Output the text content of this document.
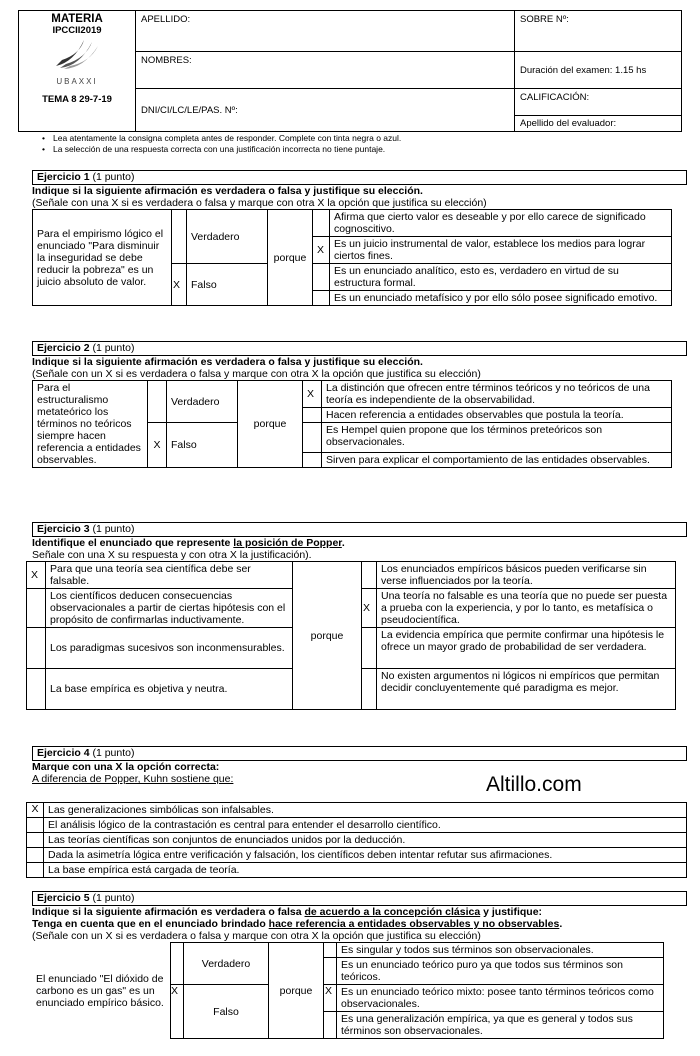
MATERIA
IPCCII2019
UBAXXI
TEMA 8 29-7-19	APELLIDO:	SOBRE Nº:
	NOMBRES:	Duración del examen: 1.15 hs
	DNI/CI/LC/LE/PAS. Nº:	CALIFICACIÓN:
Apellido del evaluador:
• Lea atentamente la consigna completa antes de responder. Complete con tinta negra o azul.
• La selección de una respuesta correcta con una justificación incorrecta no tiene puntaje.
Ejercicio 1 (1 punto)
Indique si la siguiente afirmación es verdadera o falsa y justifique su elección.
(Señale con una X si es verdadera o falsa y marque con otra X la opción que justifica su elección)
Para el empirismo lógico el enunciado "Para disminuir la inseguridad se debe reducir la pobreza" es un juicio absoluto de valor.		Verdadero	porque		Afirma que cierto valor es deseable y por ello carece de significado cognoscitivo.
				X	Es un juicio instrumental de valor, establece los medios para lograr ciertos fines.
	X	Falso			Es un enunciado analítico, esto es, verdadero en virtud de su estructura formal.
					Es un enunciado metafísico y por ello sólo posee significado emotivo.
Ejercicio 2 (1 punto)
Indique si la siguiente afirmación es verdadera o falsa y justifique su elección.
(Señale con un X si es verdadera o falsa y marque con otra X la opción que justifica su elección)
Para el estructuralismo metateórico los términos no teóricos siempre hacen referencia a entidades observables.		Verdadero	porque	X	La distinción que ofrecen entre términos teóricos y no teóricos de una teoría es independiente de la observabilidad.
					Hacen referencia a entidades observables que postula la teoría.
	X	Falso			Es Hempel quien propone que los términos preteóricos son observacionales.
					Sirven para explicar el comportamiento de las entidades observables.
Ejercicio 3 (1 punto)
Identifique el enunciado que represente la posición de Popper.
Señale con una X su respuesta y con otra X la justificación).
X	Para que una teoría sea científica debe ser falsable.	porque		Los enunciados empíricos básicos pueden verificarse sin verse influenciados por la teoría.
	Los científicos deducen consecuencias observacionales a partir de ciertas hipótesis con el propósito de confirmarlas inductivamente.		X	Una teoría no falsable es una teoría que no puede ser puesta a prueba con la experiencia, y por lo tanto, es metafísica o pseudocientífica.
	Los paradigmas sucesivos son inconmensurables.			La evidencia empírica que permite confirmar una hipótesis le ofrece un mayor grado de probabilidad de ser verdadera.
	La base empírica es objetiva y neutra.			No existen argumentos ni lógicos ni empíricos que permitan decidir concluyentemente qué paradigma es mejor.
Ejercicio 4 (1 punto)
Marque con una X la opción correcta:
A diferencia de Popper, Kuhn sostiene que:	Altillo.com
X	Las generalizaciones simbólicas son infalsables.
	El análisis lógico de la contrastación es central para entender el desarrollo científico.
	Las teorías científicas son conjuntos de enunciados unidos por la deducción.
	Dada la asimetría lógica entre verificación y falsación, los científicos deben intentar refutar sus afirmaciones.
	La base empírica está cargada de teoría.
Ejercicio 5 (1 punto)
Indique si la siguiente afirmación es verdadera o falsa de acuerdo a la concepción clásica y justifique:
Tenga en cuenta que en el enunciado brindado hace referencia a entidades observables y no observables.
(Señale con un X si es verdadera o falsa y marque con otra X la opción que justifica su elección)
El enunciado "El dióxido de carbono es un gas" es un enunciado empírico básico.		Verdadero	porque		Es singular y todos sus términos son observacionales.
					Es un enunciado teórico puro ya que todos sus términos son teóricos.
	X	Falso		X	Es un enunciado teórico mixto: posee tanto términos teóricos como observacionales.
					Es una generalización empírica, ya que es general y todos sus términos son observacionales.
